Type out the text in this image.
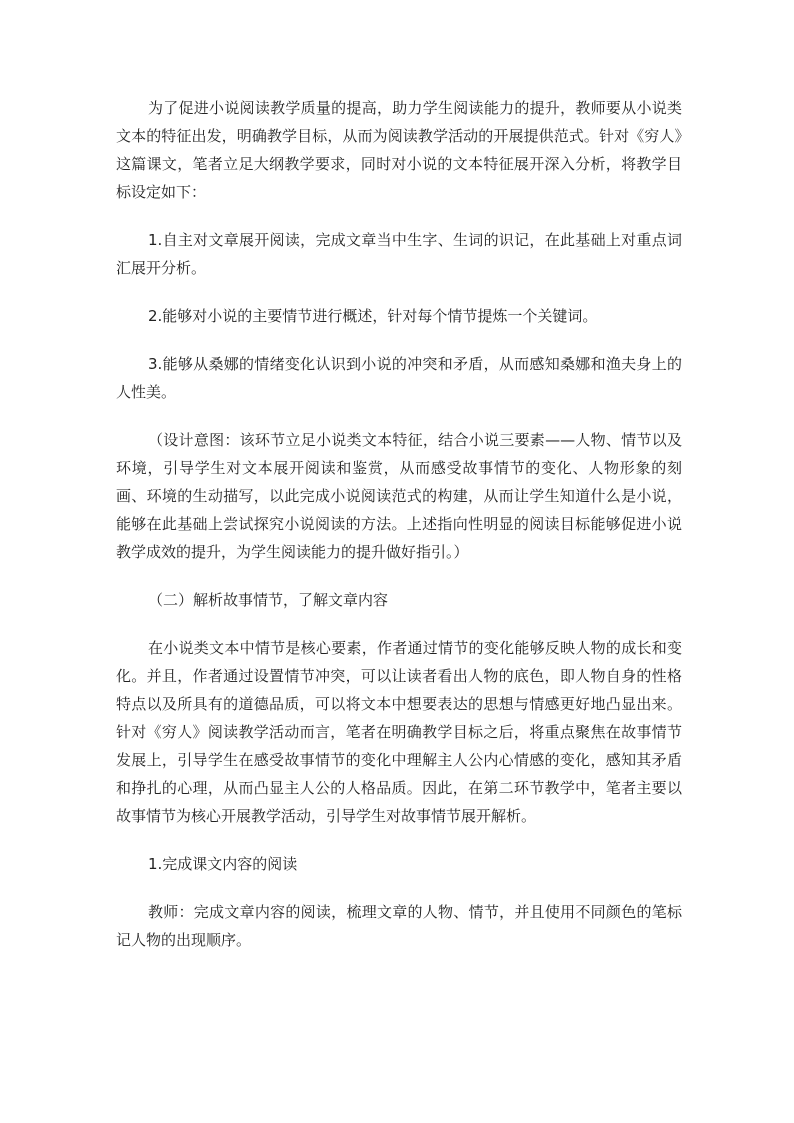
为了促进小说阅读教学质量的提高，助力学生阅读能力的提升，教师要从小说类文本的特征出发，明确教学目标，从而为阅读教学活动的开展提供范式。针对《穷人》这篇课文，笔者立足大纲教学要求，同时对小说的文本特征展开深入分析，将教学目标设定如下：

1.自主对文章展开阅读，完成文章当中生字、生词的识记，在此基础上对重点词汇展开分析。

2.能够对小说的主要情节进行概述，针对每个情节提炼一个关键词。

3.能够从桑娜的情绪变化认识到小说的冲突和矛盾，从而感知桑娜和渔夫身上的人性美。

（设计意图：该环节立足小说类文本特征，结合小说三要素——人物、情节以及环境，引导学生对文本展开阅读和鉴赏，从而感受故事情节的变化、人物形象的刻画、环境的生动描写，以此完成小说阅读范式的构建，从而让学生知道什么是小说，能够在此基础上尝试探究小说阅读的方法。上述指向性明显的阅读目标能够促进小说教学成效的提升，为学生阅读能力的提升做好指引。）

（二）解析故事情节，了解文章内容

在小说类文本中情节是核心要素，作者通过情节的变化能够反映人物的成长和变化。并且，作者通过设置情节冲突，可以让读者看出人物的底色，即人物自身的性格特点以及所具有的道德品质，可以将文本中想要表达的思想与情感更好地凸显出来。针对《穷人》阅读教学活动而言，笔者在明确教学目标之后，将重点聚焦在故事情节发展上，引导学生在感受故事情节的变化中理解主人公内心情感的变化，感知其矛盾和挣扎的心理，从而凸显主人公的人格品质。因此，在第二环节教学中，笔者主要以故事情节为核心开展教学活动，引导学生对故事情节展开解析。

1.完成课文内容的阅读

教师：完成文章内容的阅读，梳理文章的人物、情节，并且使用不同颜色的笔标记人物的出现顺序。
